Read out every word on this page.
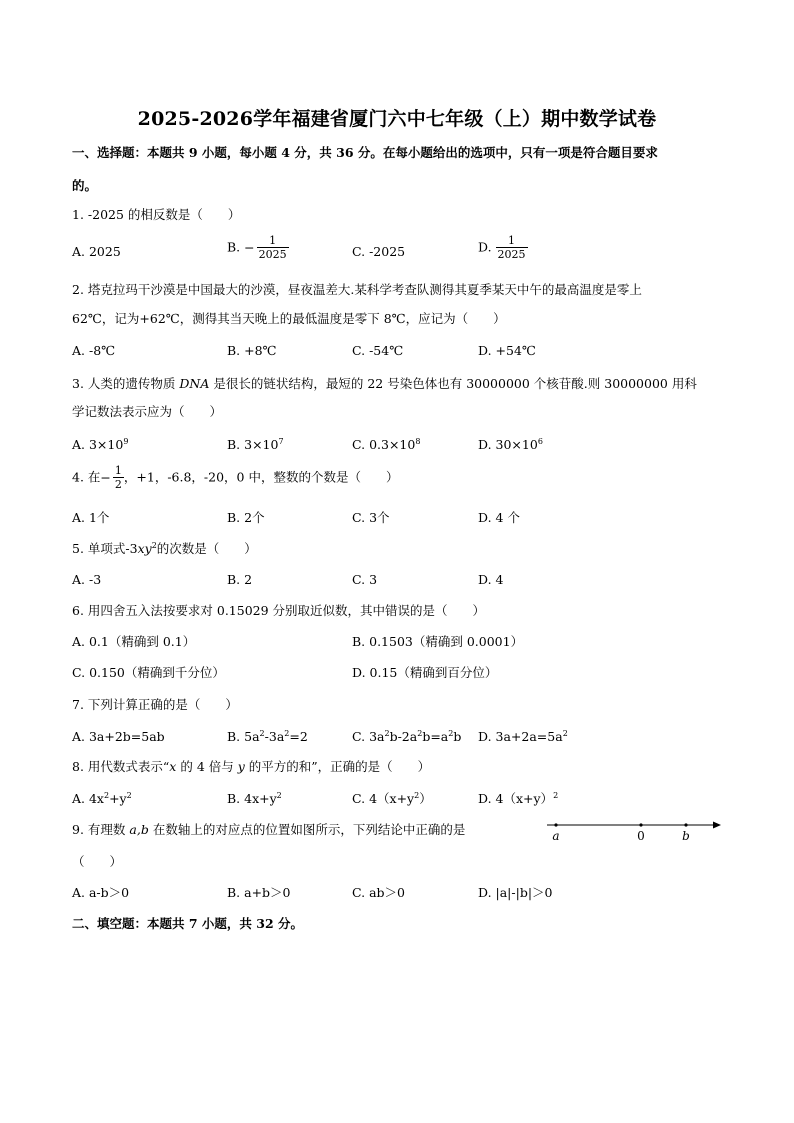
2025-2026学年福建省厦门六中七年级（上）期中数学试卷
一、选择题：本题共 9 小题，每小题 4 分，共 36 分。在每小题给出的选项中，只有一项是符合题目要求
的。
1. -2025 的相反数是（　　）
A. 2025	B. − $\frac{1}{2025}$	C. -2025	D. $\frac{1}{2025}$
2. 塔克拉玛干沙漠是中国最大的沙漠，昼夜温差大.某科学考查队测得其夏季某天中午的最高温度是零上
62℃，记为+62℃，测得其当天晚上的最低温度是零下 8℃，应记为（　　）
A. -8℃	B. +8℃	C. -54℃	D. +54℃
3. 人类的遗传物质 DNA 是很长的链状结构，最短的 22 号染色体也有 30000000 个核苷酸.则 30000000 用科
学记数法表示应为（　　）
A. $3\times 10^9$	B. $3\times 10^7$	C. $0.3\times 10^8$	D. $30\times 10^6$
4. 在− $\frac{1}{2}$ ，+1，-6.8，-20，0 中，整数的个数是（　　）
A. 1个	B. 2个	C. 3个	D. 4 个
5. 单项式$-3xy^2$的次数是（　　）
A. -3	B. 2	C. 3	D. 4
6. 用四舍五入法按要求对 0.15029 分别取近似数，其中错误的是（　　）
A. 0.1（精确到 0.1）	B. 0.1503（精确到 0.0001）
C. 0.150（精确到千分位）	D. 0.15（精确到百分位）
7. 下列计算正确的是（　　）
A. 3a+2b=5ab	B. $5a^2-3a^2=2$	C. $3a^2b-2a^2b=a^2b$ D. $3a+2a=5a^2$
8. 用代数式表示“x 的 4 倍与 y 的平方的和”，正确的是（　　）
A. $4x^2+y^2$	B. $4x+y^2$	C. $4(x+y^2)$	D. $4(x+y)^2$
9. 有理数 a,b 在数轴上的对应点的位置如图所示，下列结论中正确的是
（　　）
a	0	b
A. a-b＞0	B. a+b＞0	C. ab＞0	D. |a|-|b|＞0
二、填空题：本题共 7 小题，共 32 分。
